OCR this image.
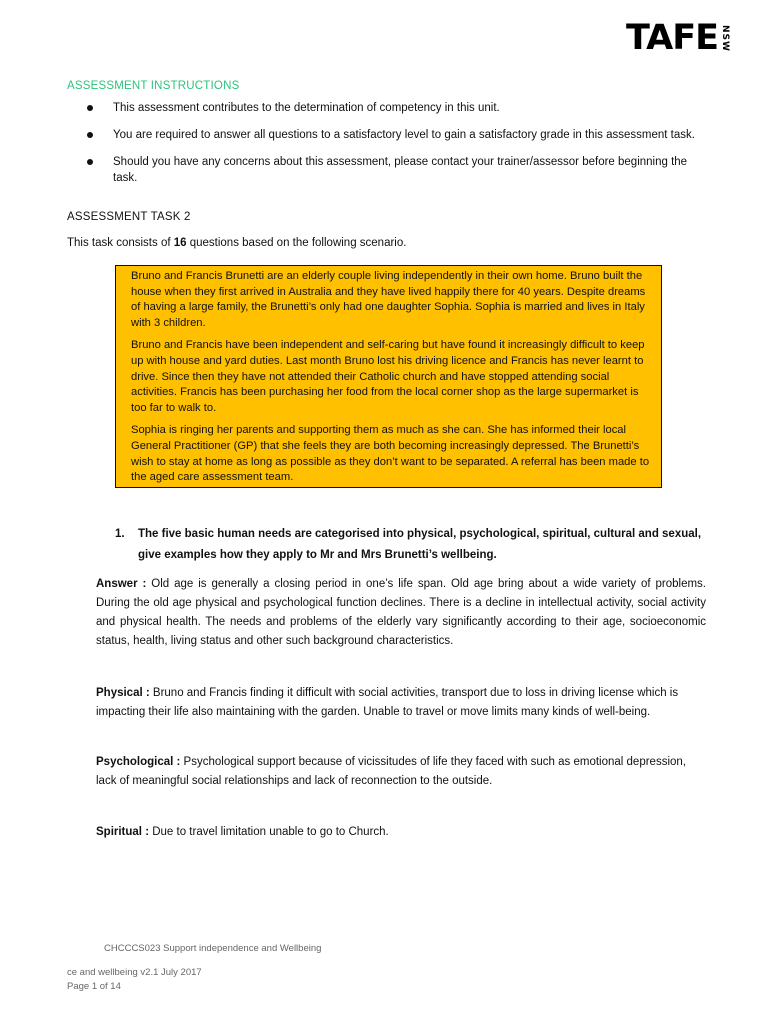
TAFE NSW
ASSESSMENT INSTRUCTIONS
This assessment contributes to the determination of competency in this unit.
You are required to answer all questions to a satisfactory level to gain a satisfactory grade in this assessment task.
Should you have any concerns about this assessment, please contact your trainer/assessor before beginning the task.
ASSESSMENT TASK 2
This task consists of 16 questions based on the following scenario.

Bruno and Francis Brunetti are an elderly couple living independently in their own home. Bruno built the house when they first arrived in Australia and they have lived happily there for 40 years. Despite dreams of having a large family, the Brunetti’s only had one daughter Sophia. Sophia is married and lives in Italy with 3 children.

Bruno and Francis have been independent and self-caring but have found it increasingly difficult to keep up with house and yard duties. Last month Bruno lost his driving licence and Francis has never learnt to drive. Since then they have not attended their Catholic church and have stopped attending social activities. Francis has been purchasing her food from the local corner shop as the large supermarket is too far to walk to.

Sophia is ringing her parents and supporting them as much as she can. She has informed their local General Practitioner (GP) that she feels they are both becoming increasingly depressed. The Brunetti’s wish to stay at home as long as possible as they don’t want to be separated. A referral has been made to the aged care assessment team.

1.	The five basic human needs are categorised into physical, psychological, spiritual, cultural and sexual, give examples how they apply to Mr and Mrs Brunetti’s wellbeing.
Answer : Old age is generally a closing period in one’s life span. Old age bring about a wide variety of problems. During the old age physical and psychological function declines. There is a decline in intellectual activity, social activity and physical health. The needs and problems of the elderly vary significantly according to their age, socioeconomic status, health, living status and other such background characteristics.
Physical : Bruno and Francis finding it difficult with social activities, transport due to loss in driving license which is impacting their life also maintaining with the garden. Unable to travel or move limits many kinds of well-being.
Psychological : Psychological support because of vicissitudes of life they faced with such as emotional depression, lack of meaningful social relationships and lack of reconnection to the outside.
Spiritual : Due to travel limitation unable to go to Church.
CHCCCS023 Support independence and Wellbeing
ce and wellbeing v2.1 July 2017
Page 1 of 14
